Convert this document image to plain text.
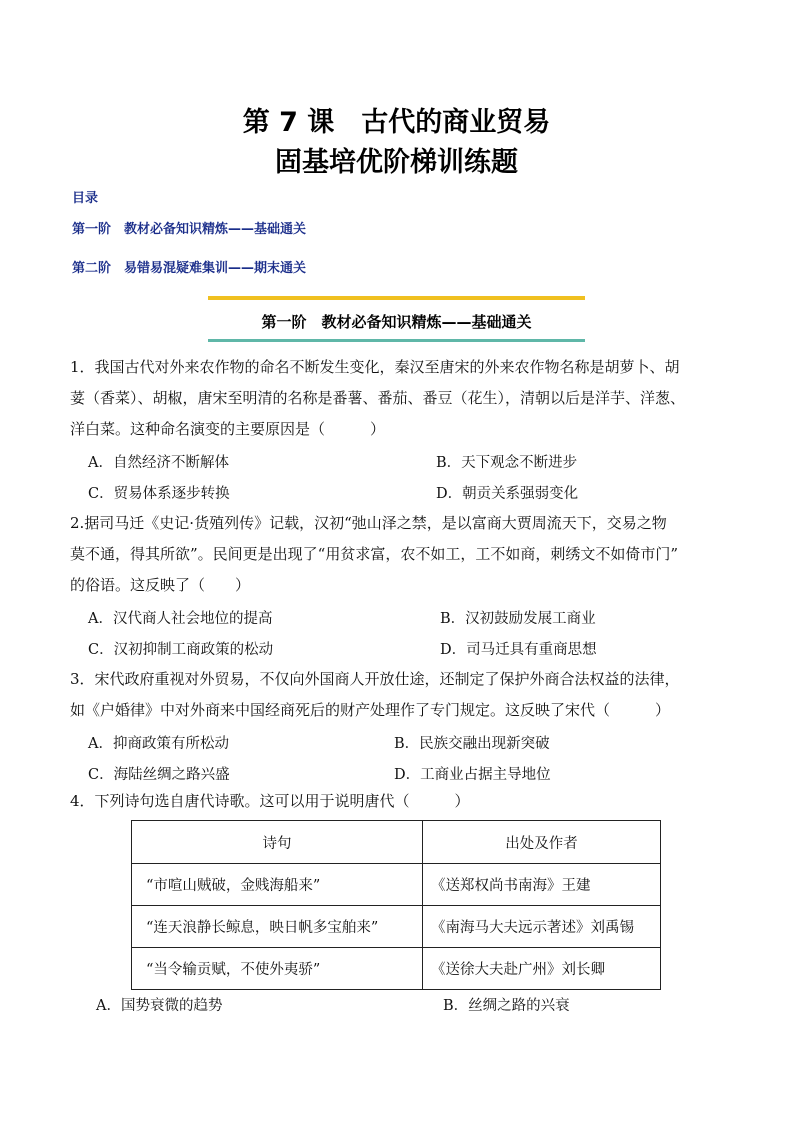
第 7 课　古代的商业贸易
固基培优阶梯训练题
目录
第一阶　教材必备知识精炼——基础通关
第二阶　易错易混疑难集训——期末通关
第一阶　教材必备知识精炼——基础通关
1．我国古代对外来农作物的命名不断发生变化，秦汉至唐宋的外来农作物名称是胡萝卜、胡
荽（香菜）、胡椒，唐宋至明清的名称是番薯、番茄、番豆（花生），清朝以后是洋芋、洋葱、
洋白菜。这种命名演变的主要原因是（　　　）
A．自然经济不断解体	B．天下观念不断进步
C．贸易体系逐步转换	D．朝贡关系强弱变化
2.据司马迁《史记·货殖列传》记载，汉初“弛山泽之禁，是以富商大贾周流天下，交易之物
莫不通，得其所欲”。民间更是出现了“用贫求富，农不如工，工不如商，刺绣文不如倚市门”
的俗语。这反映了（　　）
A．汉代商人社会地位的提高	B．汉初鼓励发展工商业
C．汉初抑制工商政策的松动	D．司马迁具有重商思想
3．宋代政府重视对外贸易，不仅向外国商人开放仕途，还制定了保护外商合法权益的法律，
如《户婚律》中对外商来中国经商死后的财产处理作了专门规定。这反映了宋代（　　　）
A．抑商政策有所松动	B．民族交融出现新突破
C．海陆丝绸之路兴盛	D．工商业占据主导地位
4．下列诗句选自唐代诗歌。这可以用于说明唐代（　　　）
诗句	出处及作者
“市喧山贼破，金贱海船来”	《送郑权尚书南海》王建
“连天浪静长鲸息，映日帆多宝舶来”	《南海马大夫远示著述》刘禹锡
“当令输贡赋，不使外夷骄”	《送徐大夫赴广州》刘长卿
A．国势衰微的趋势	B．丝绸之路的兴衰
